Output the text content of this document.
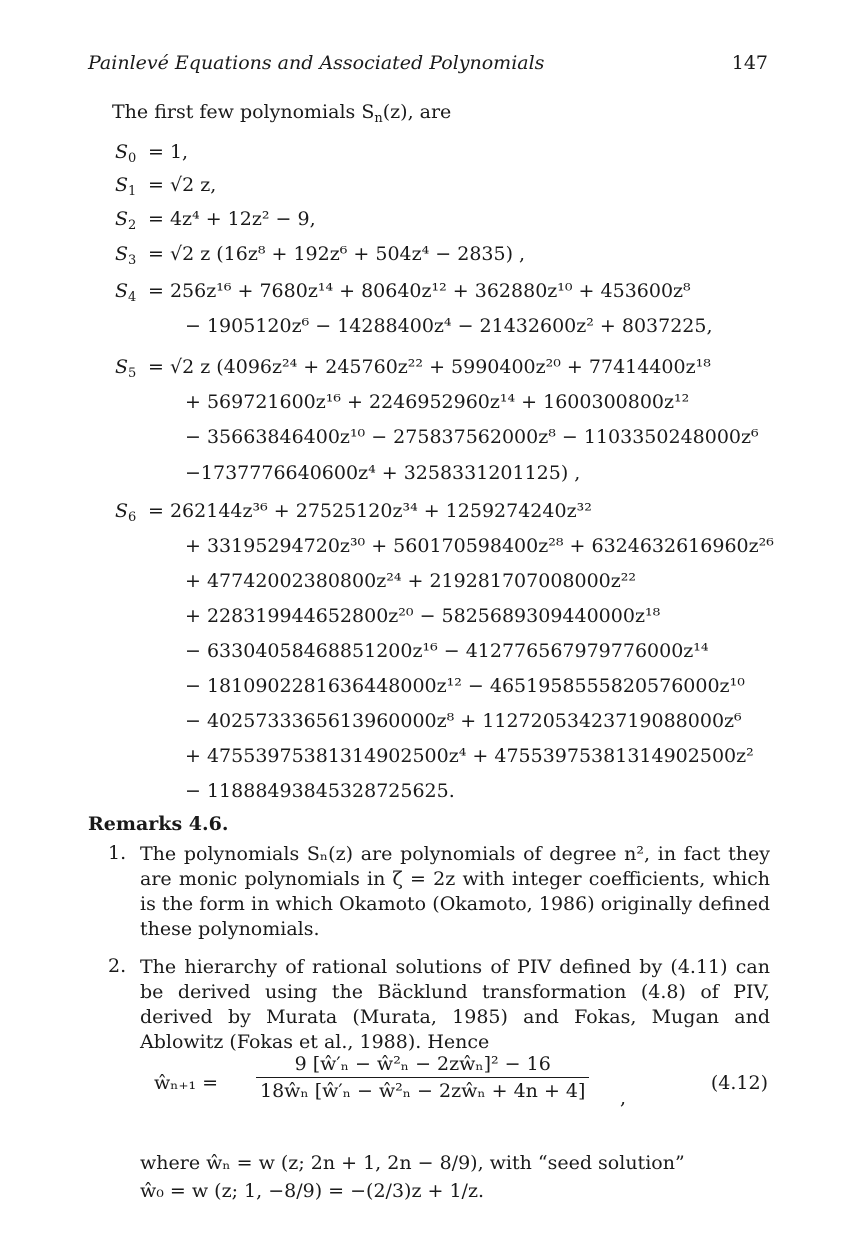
Painlevé Equations and Associated Polynomials	147
The first few polynomials $S_n(z)$, are
$S_0 = 1$,
$S_1 = √2$ z,
$S_2 = 4z^4 + 12z^2 - 9$,
$S_3 = √2$ z (16z⁸ + 192z⁶ + 504z⁴ − 2835) ,
$S_4 = 256z^{16} + 7680z^{14} + 80640z^{12} + 362880z^{10} + 453600z^8$
− 1905120z⁶ − 14288400z⁴ − 21432600z² + 8037225,
$S_5 = √2$ z (4096z²⁴ + 245760z²² + 5990400z²⁰ + 77414400z¹⁸
+ 569721600z¹⁶ + 2246952960z¹⁴ + 1600300800z¹²
− 35663846400z¹⁰ − 275837562000z⁸ − 1103350248000z⁶
−1737776640600z⁴ + 3258331201125) ,
$S_6 = 262144z^{36} + 27525120z^{34} + 1259274240z^{32}$
+ 33195294720z³⁰ + 560170598400z²⁸ + 6324632616960z²⁶
+ 47742002380800z²⁴ + 219281707008000z²²
+ 228319944652800z²⁰ − 5825689309440000z¹⁸
− 63304058468851200z¹⁶ − 412776567979776000z¹⁴
− 1810902281636448000z¹² − 4651958555820576000z¹⁰
− 4025733365613960000z⁸ + 11272053423719088000z⁶
+ 47553975381314902500z⁴ + 47553975381314902500z²
− 11888493845328725625.
Remarks 4.6.
1. The polynomials Sₙ(z) are polynomials of degree n², in fact they are monic polynomials in ζ = 2z with integer coefficients, which is the form in which Okamoto (Okamoto, 1986) originally defined these polynomials.
2. The hierarchy of rational solutions of PIV defined by (4.11) can be derived using the Bäcklund transformation (4.8) of PIV, derived by Murata (Murata, 1985) and Fokas, Mugan and Ablowitz (Fokas et al., 1988). Hence
ŵₙ₊₁ =
9 [ŵ′ₙ − ŵ²ₙ − 2zŵₙ]² − 16
18ŵₙ [ŵ′ₙ − ŵ²ₙ − 2zŵₙ + 4n + 4] ,
(4.12)
where ŵₙ = w (z; 2n + 1, 2n − 8/9), with “seed solution”
ŵ₀ = w (z; 1, −8/9) = −(2/3)z + 1/z.
